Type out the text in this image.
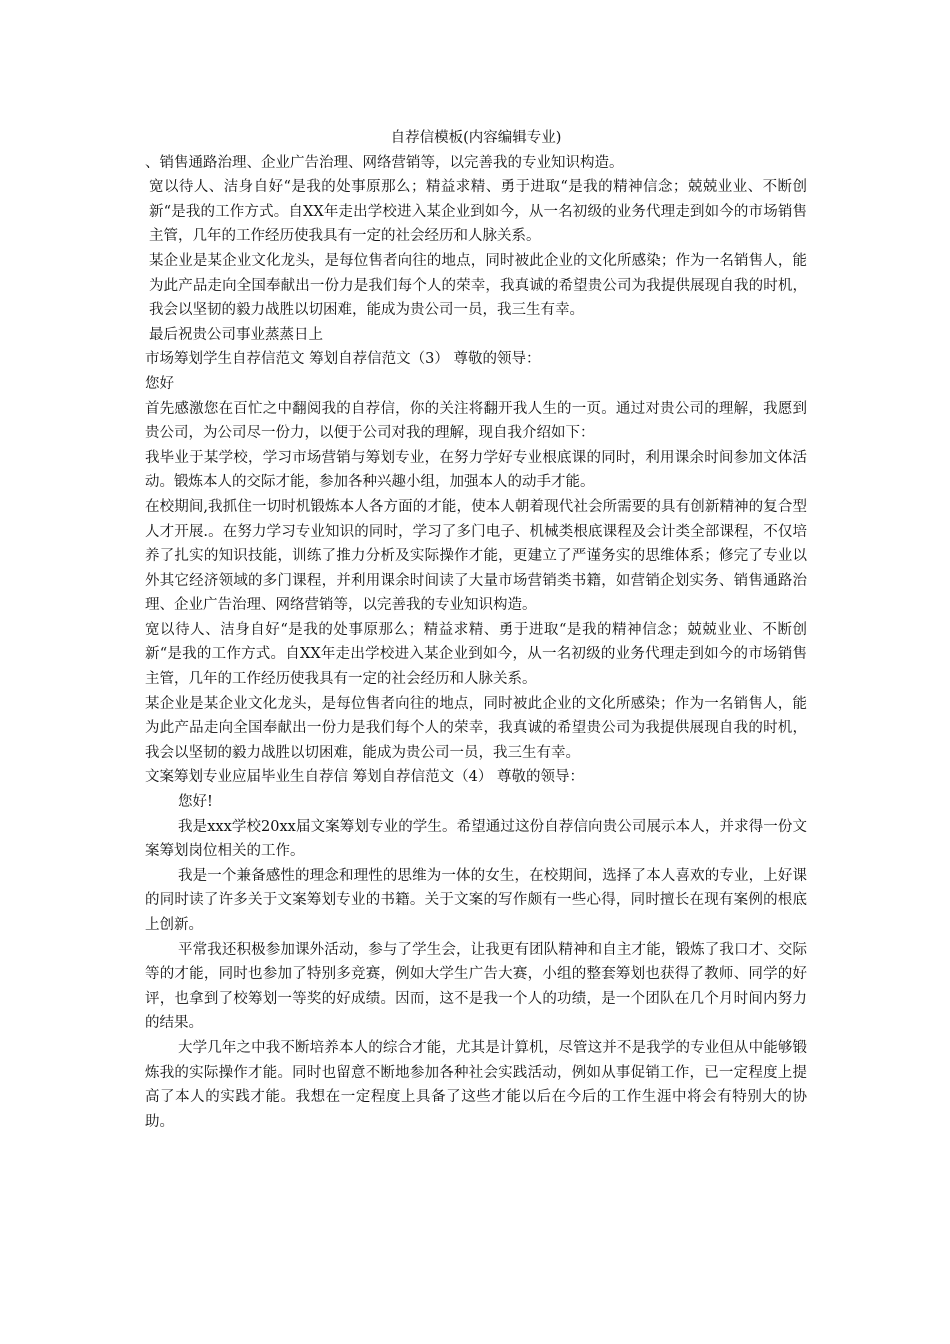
自荐信模板(内容编辑专业)
、销售通路治理、企业广告治理、网络营销等，以完善我的专业知识构造。
宽以待人、洁身自好“是我的处事原那么；精益求精、勇于进取“是我的精神信念；兢兢业业、不断创新“是我的工作方式。自XX年走出学校进入某企业到如今，从一名初级的业务代理走到如今的市场销售主管，几年的工作经历使我具有一定的社会经历和人脉关系。
某企业是某企业文化龙头，是每位售者向往的地点，同时被此企业的文化所感染；作为一名销售人，能为此产品走向全国奉献出一份力是我们每个人的荣幸，我真诚的希望贵公司为我提供展现自我的时机，我会以坚韧的毅力战胜以切困难，能成为贵公司一员，我三生有幸。
最后祝贵公司事业蒸蒸日上
市场筹划学生自荐信范文 筹划自荐信范文（3） 尊敬的领导：
您好
首先感激您在百忙之中翻阅我的自荐信，你的关注将翻开我人生的一页。通过对贵公司的理解，我愿到贵公司，为公司尽一份力，以便于公司对我的理解，现自我介绍如下：
我毕业于某学校，学习市场营销与筹划专业，在努力学好专业根底课的同时，利用课余时间参加文体活动。锻炼本人的交际才能，参加各种兴趣小组，加强本人的动手才能。
在校期间,我抓住一切时机锻炼本人各方面的才能，使本人朝着现代社会所需要的具有创新精神的复合型人才开展.。在努力学习专业知识的同时，学习了多门电子、机械类根底课程及会计类全部课程，不仅培养了扎实的知识技能，训练了推力分析及实际操作才能，更建立了严谨务实的思维体系；修完了专业以外其它经济领域的多门课程，并利用课余时间读了大量市场营销类书籍，如营销企划实务、销售通路治理、企业广告治理、网络营销等，以完善我的专业知识构造。
宽以待人、洁身自好“是我的处事原那么；精益求精、勇于进取“是我的精神信念；兢兢业业、不断创新“是我的工作方式。自XX年走出学校进入某企业到如今，从一名初级的业务代理走到如今的市场销售主管，几年的工作经历使我具有一定的社会经历和人脉关系。
某企业是某企业文化龙头，是每位售者向往的地点，同时被此企业的文化所感染；作为一名销售人，能为此产品走向全国奉献出一份力是我们每个人的荣幸，我真诚的希望贵公司为我提供展现自我的时机，我会以坚韧的毅力战胜以切困难，能成为贵公司一员，我三生有幸。
文案筹划专业应届毕业生自荐信 筹划自荐信范文（4） 尊敬的领导：
您好!
我是xxx学校20xx届文案筹划专业的学生。希望通过这份自荐信向贵公司展示本人，并求得一份文案筹划岗位相关的工作。
我是一个兼备感性的理念和理性的思维为一体的女生，在校期间，选择了本人喜欢的专业，上好课的同时读了许多关于文案筹划专业的书籍。关于文案的写作颇有一些心得，同时擅长在现有案例的根底上创新。
平常我还积极参加课外活动，参与了学生会，让我更有团队精神和自主才能，锻炼了我口才、交际等的才能，同时也参加了特别多竞赛，例如大学生广告大赛，小组的整套筹划也获得了教师、同学的好评，也拿到了校筹划一等奖的好成绩。因而，这不是我一个人的功绩，是一个团队在几个月时间内努力的结果。
大学几年之中我不断培养本人的综合才能，尤其是计算机，尽管这并不是我学的专业但从中能够锻炼我的实际操作才能。同时也留意不断地参加各种社会实践活动，例如从事促销工作，已一定程度上提高了本人的实践才能。我想在一定程度上具备了这些才能以后在今后的工作生涯中将会有特别大的协助。
